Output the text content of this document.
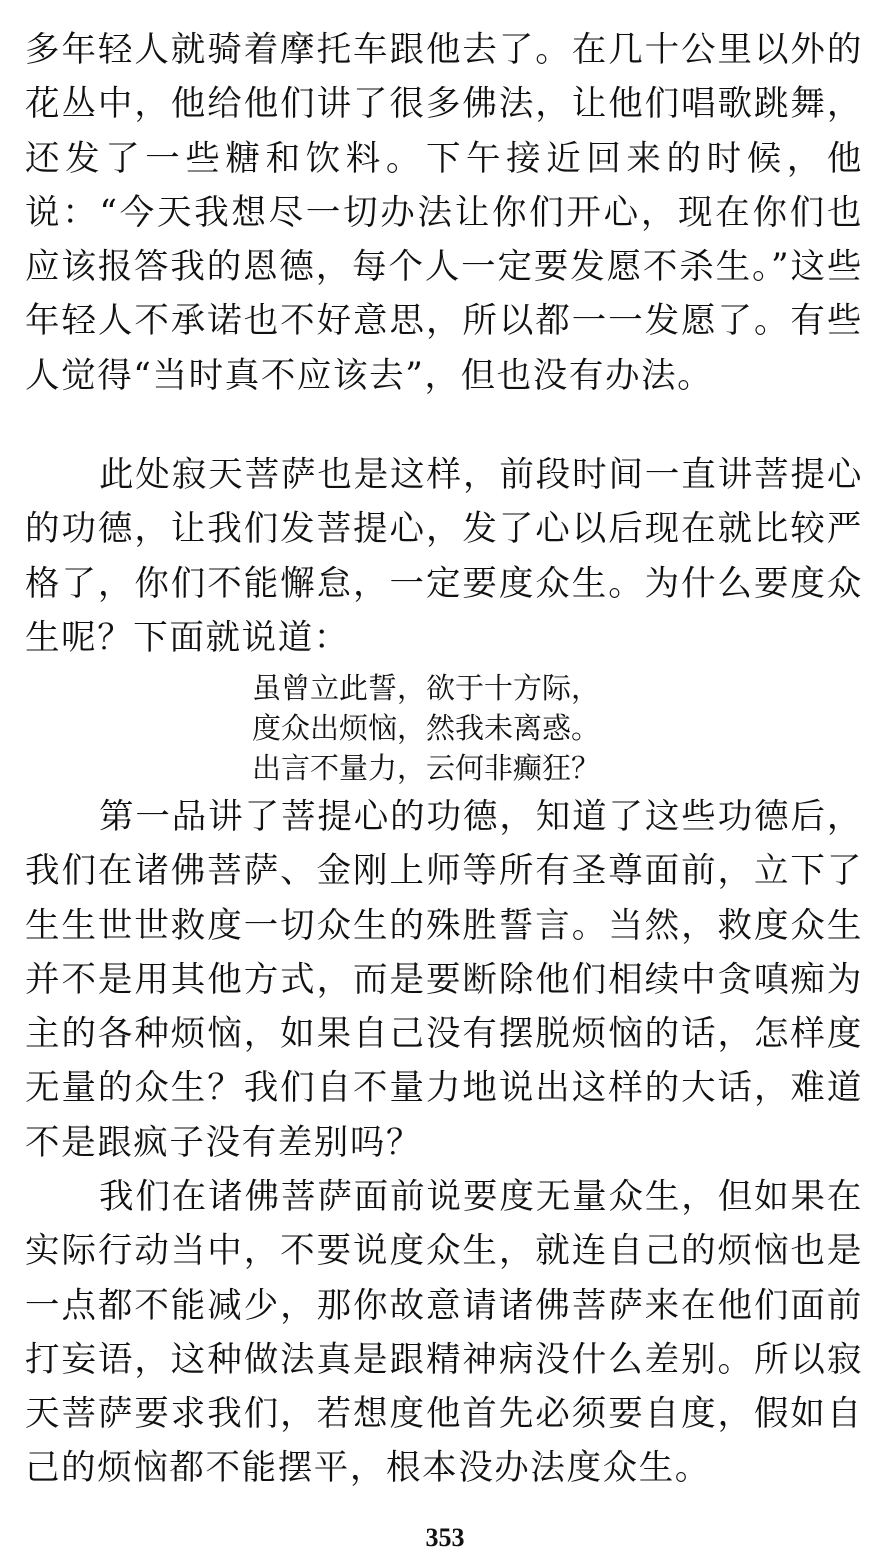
多年轻人就骑着摩托车跟他去了。在几十公里以外的花丛中，他给他们讲了很多佛法，让他们唱歌跳舞，还发了一些糖和饮料。下午接近回来的时候，他说：“今天我想尽一切办法让你们开心，现在你们也应该报答我的恩德，每个人一定要发愿不杀生。”这些年轻人不承诺也不好意思，所以都一一发愿了。有些人觉得“当时真不应该去”，但也没有办法。

此处寂天菩萨也是这样，前段时间一直讲菩提心的功德，让我们发菩提心，发了心以后现在就比较严格了，你们不能懈怠，一定要度众生。为什么要度众生呢？下面就说道：

虽曾立此誓，欲于十方际，
度众出烦恼，然我未离惑。
出言不量力，云何非癫狂？

第一品讲了菩提心的功德，知道了这些功德后，我们在诸佛菩萨、金刚上师等所有圣尊面前，立下了生生世世救度一切众生的殊胜誓言。当然，救度众生并不是用其他方式，而是要断除他们相续中贪嗔痴为主的各种烦恼，如果自己没有摆脱烦恼的话，怎样度无量的众生？我们自不量力地说出这样的大话，难道不是跟疯子没有差别吗？

我们在诸佛菩萨面前说要度无量众生，但如果在实际行动当中，不要说度众生，就连自己的烦恼也是一点都不能减少，那你故意请诸佛菩萨来在他们面前打妄语，这种做法真是跟精神病没什么差别。所以寂天菩萨要求我们，若想度他首先必须要自度，假如自己的烦恼都不能摆平，根本没办法度众生。

353
